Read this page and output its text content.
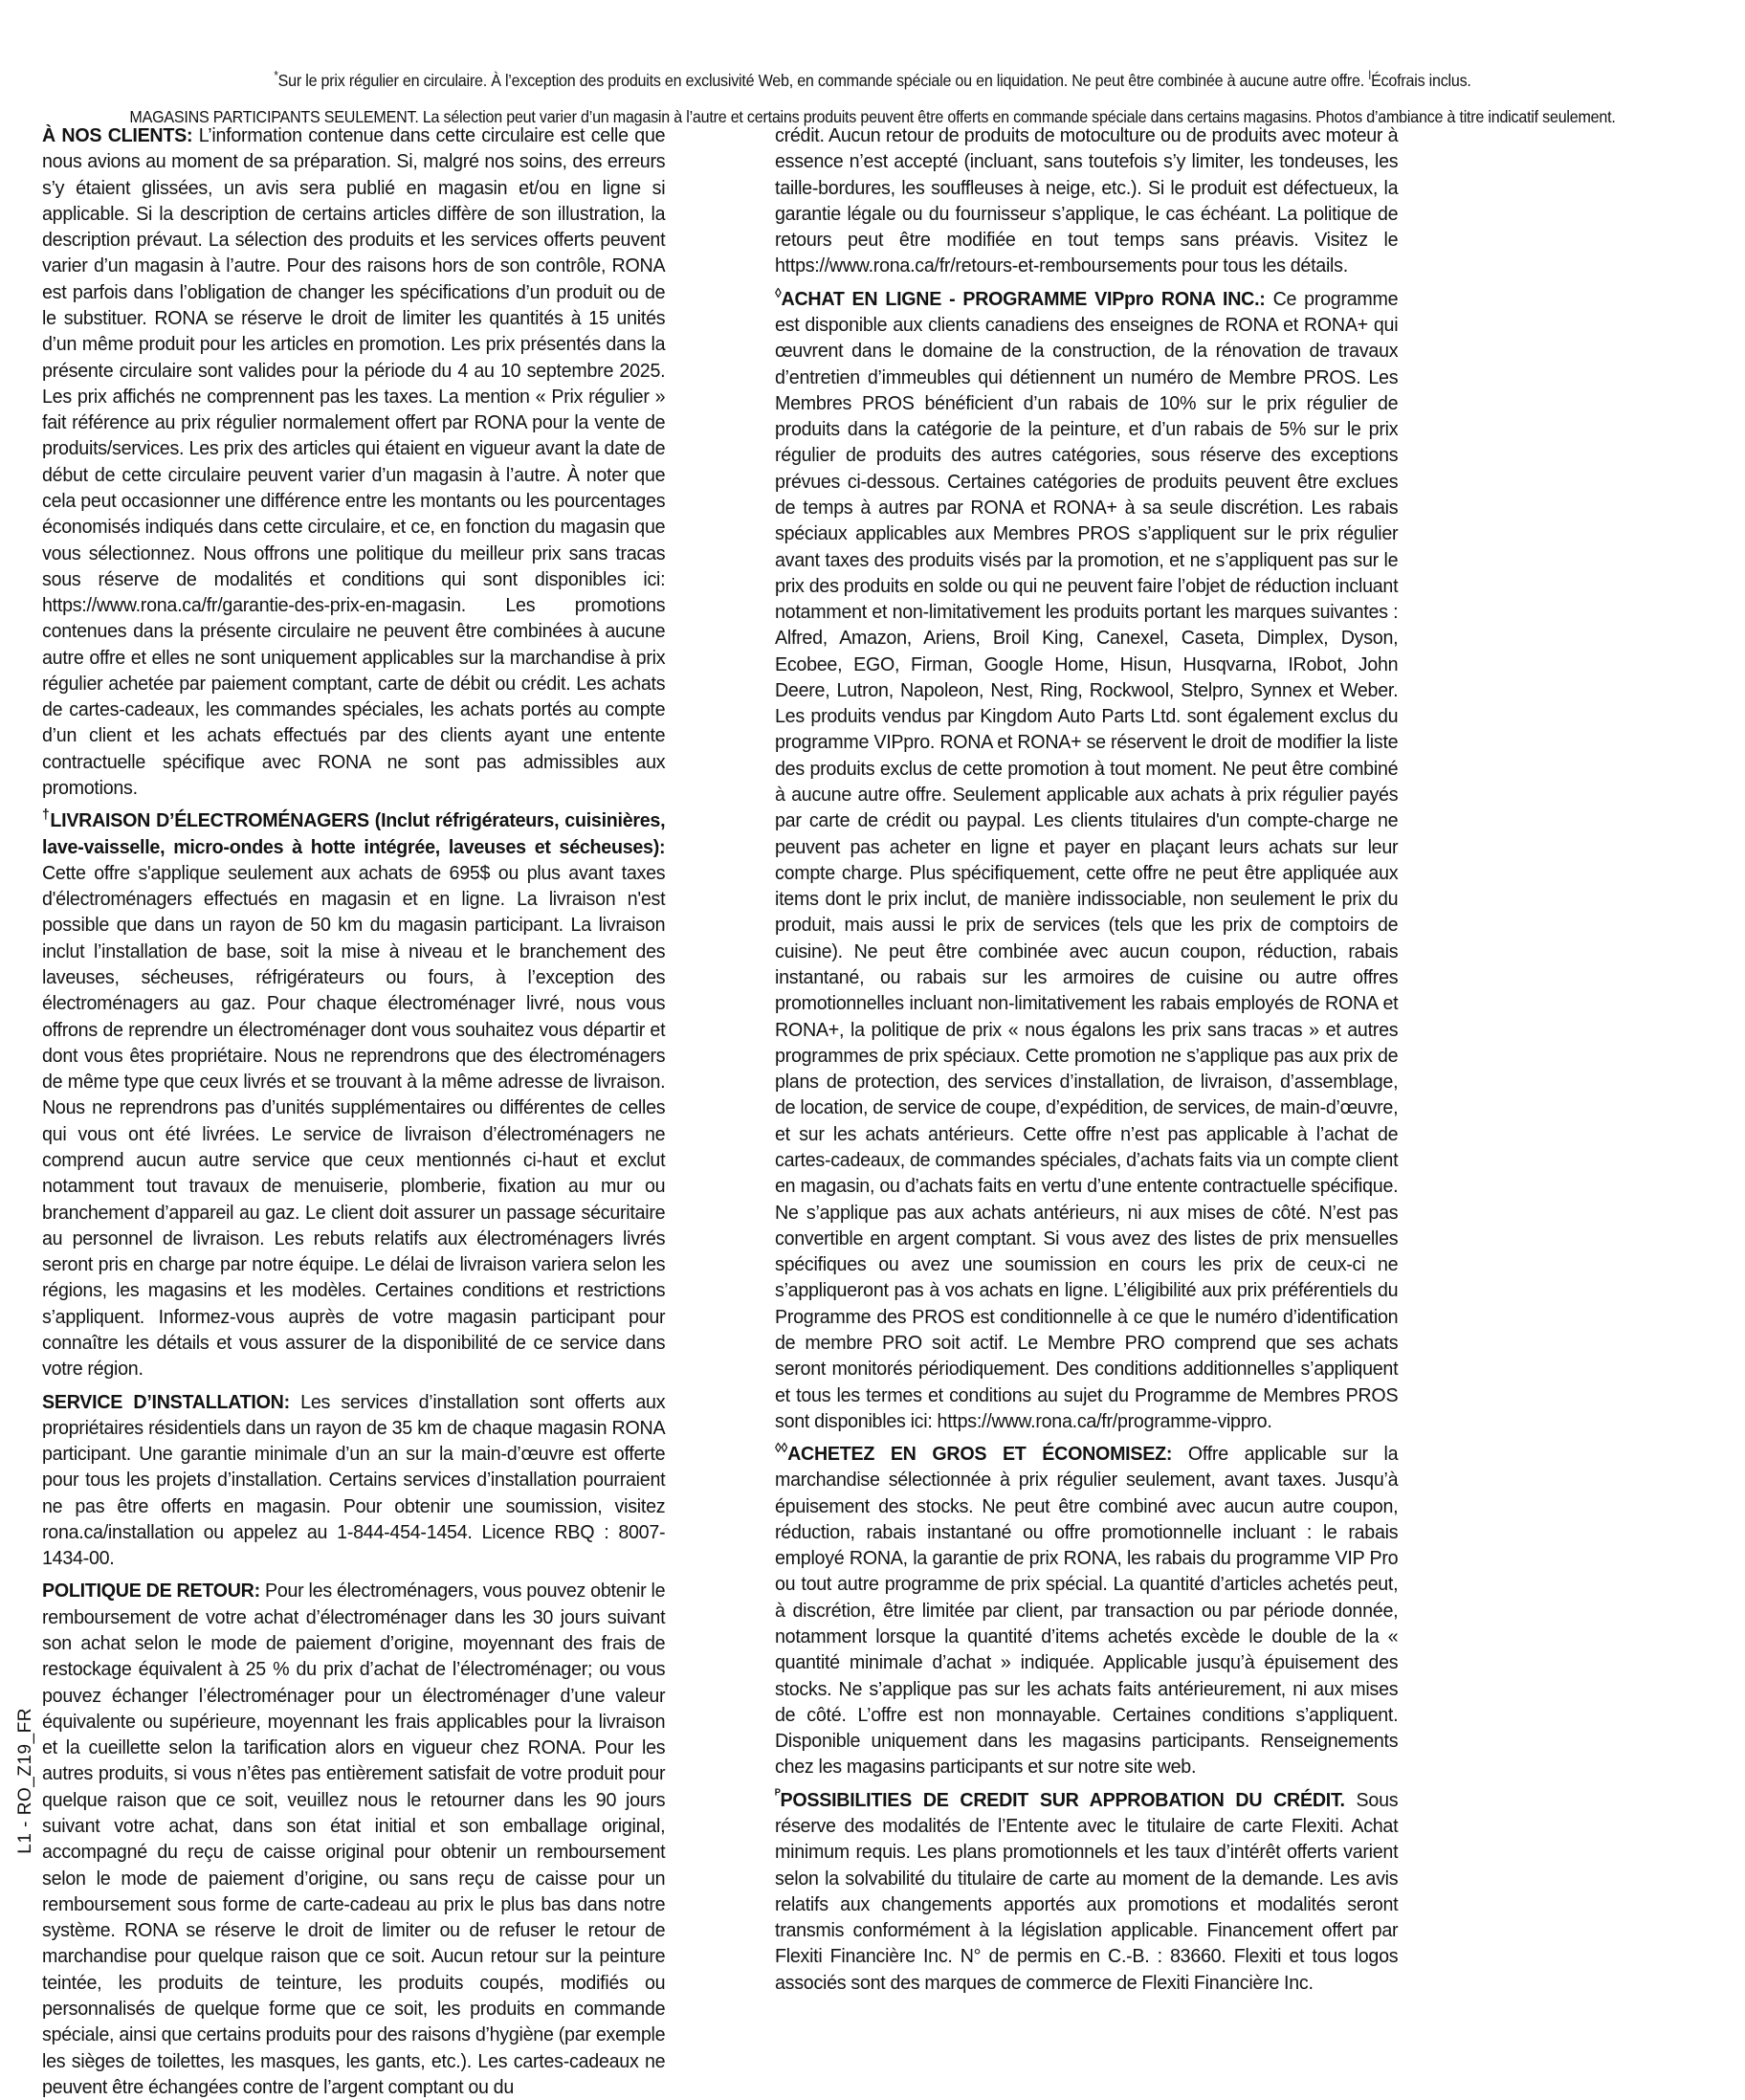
*Sur le prix régulier en circulaire. À l’exception des produits en exclusivité Web, en commande spéciale ou en liquidation. Ne peut être combinée à aucune autre offre. $^ǀ$Écofrais inclus.
MAGASINS PARTICIPANTS SEULEMENT. La sélection peut varier d’un magasin à l’autre et certains produits peuvent être offerts en commande spéciale dans certains magasins. Photos d’ambiance à titre indicatif seulement.

À NOS CLIENTS: L’information contenue dans cette circulaire est celle que nous avions au moment de sa préparation. Si, malgré nos soins, des erreurs s’y étaient glissées, un avis sera publié en magasin et/ou en ligne si applicable. Si la description de certains articles diffère de son illustration, la description prévaut. La sélection des produits et les services offerts peuvent varier d’un magasin à l’autre. Pour des raisons hors de son contrôle, RONA est parfois dans l’obligation de changer les spécifications d’un produit ou de le substituer. RONA se réserve le droit de limiter les quantités à 15 unités d’un même produit pour les articles en promotion. Les prix présentés dans la présente circulaire sont valides pour la période du 4 au 10 septembre 2025. Les prix affichés ne comprennent pas les taxes. La mention « Prix régulier » fait référence au prix régulier normalement offert par RONA pour la vente de produits/services. Les prix des articles qui étaient en vigueur avant la date de début de cette circulaire peuvent varier d’un magasin à l’autre. À noter que cela peut occasionner une différence entre les montants ou les pourcentages économisés indiqués dans cette circulaire, et ce, en fonction du magasin que vous sélectionnez. Nous offrons une politique du meilleur prix sans tracas sous réserve de modalités et conditions qui sont disponibles ici: https://www.rona.ca/fr/garantie-des-prix-en-magasin. Les promotions contenues dans la présente circulaire ne peuvent être combinées à aucune autre offre et elles ne sont uniquement applicables sur la marchandise à prix régulier achetée par paiement comptant, carte de débit ou crédit. Les achats de cartes-cadeaux, les commandes spéciales, les achats portés au compte d’un client et les achats effectués par des clients ayant une entente contractuelle spécifique avec RONA ne sont pas admissibles aux promotions.

†LIVRAISON D’ÉLECTROMÉNAGERS (Inclut réfrigérateurs, cuisinières, lave-vaisselle, micro-ondes à hotte intégrée, laveuses et sécheuses): Cette offre s'applique seulement aux achats de 695$ ou plus avant taxes d'électroménagers effectués en magasin et en ligne. La livraison n'est possible que dans un rayon de 50 km du magasin participant. La livraison inclut l’installation de base, soit la mise à niveau et le branchement des laveuses, sécheuses, réfrigérateurs ou fours, à l’exception des électroménagers au gaz. Pour chaque électroménager livré, nous vous offrons de reprendre un électroménager dont vous souhaitez vous départir et dont vous êtes propriétaire. Nous ne reprendrons que des électroménagers de même type que ceux livrés et se trouvant à la même adresse de livraison. Nous ne reprendrons pas d’unités supplémentaires ou différentes de celles qui vous ont été livrées. Le service de livraison d’électroménagers ne comprend aucun autre service que ceux mentionnés ci-haut et exclut notamment tout travaux de menuiserie, plomberie, fixation au mur ou branchement d’appareil au gaz. Le client doit assurer un passage sécuritaire au personnel de livraison. Les rebuts relatifs aux électroménagers livrés seront pris en charge par notre équipe. Le délai de livraison variera selon les régions, les magasins et les modèles. Certaines conditions et restrictions s’appliquent. Informez-vous auprès de votre magasin participant pour connaître les détails et vous assurer de la disponibilité de ce service dans votre région.

SERVICE D’INSTALLATION: Les services d’installation sont offerts aux propriétaires résidentiels dans un rayon de 35 km de chaque magasin RONA participant. Une garantie minimale d’un an sur la main-d’œuvre est offerte pour tous les projets d’installation. Certains services d’installation pourraient ne pas être offerts en magasin. Pour obtenir une soumission, visitez rona.ca/installation ou appelez au 1-844-454-1454. Licence RBQ : 8007-1434-00.

POLITIQUE DE RETOUR: Pour les électroménagers, vous pouvez obtenir le remboursement de votre achat d’électroménager dans les 30 jours suivant son achat selon le mode de paiement d’origine, moyennant des frais de restockage équivalent à 25 % du prix d’achat de l’électroménager; ou vous pouvez échanger l’électroménager pour un électroménager d’une valeur équivalente ou supérieure, moyennant les frais applicables pour la livraison et la cueillette selon la tarification alors en vigueur chez RONA. Pour les autres produits, si vous n’êtes pas entièrement satisfait de votre produit pour quelque raison que ce soit, veuillez nous le retourner dans les 90 jours suivant votre achat, dans son état initial et son emballage original, accompagné du reçu de caisse original pour obtenir un remboursement selon le mode de paiement d’origine, ou sans reçu de caisse pour un remboursement sous forme de carte-cadeau au prix le plus bas dans notre système. RONA se réserve le droit de limiter ou de refuser le retour de marchandise pour quelque raison que ce soit. Aucun retour sur la peinture teintée, les produits de teinture, les produits coupés, modifiés ou personnalisés de quelque forme que ce soit, les produits en commande spéciale, ainsi que certains produits pour des raisons d’hygiène (par exemple les sièges de toilettes, les masques, les gants, etc.). Les cartes-cadeaux ne peuvent être échangées contre de l’argent comptant ou du

crédit. Aucun retour de produits de motoculture ou de produits avec moteur à essence n’est accepté (incluant, sans toutefois s’y limiter, les tondeuses, les taille-bordures, les souffleuses à neige, etc.). Si le produit est défectueux, la garantie légale ou du fournisseur s’applique, le cas échéant. La politique de retours peut être modifiée en tout temps sans préavis. Visitez le https://www.rona.ca/fr/retours-et-remboursements pour tous les détails.

◊ACHAT EN LIGNE - PROGRAMME VIPpro RONA INC.: Ce programme est disponible aux clients canadiens des enseignes de RONA et RONA+ qui œuvrent dans le domaine de la construction, de la rénovation de travaux d’entretien d’immeubles qui détiennent un numéro de Membre PROS. Les Membres PROS bénéficient d’un rabais de 10% sur le prix régulier de produits dans la catégorie de la peinture, et d’un rabais de 5% sur le prix régulier de produits des autres catégories, sous réserve des exceptions prévues ci-dessous. Certaines catégories de produits peuvent être exclues de temps à autres par RONA et RONA+ à sa seule discrétion. Les rabais spéciaux applicables aux Membres PROS s’appliquent sur le prix régulier avant taxes des produits visés par la promotion, et ne s’appliquent pas sur le prix des produits en solde ou qui ne peuvent faire l’objet de réduction incluant notamment et non-limitativement les produits portant les marques suivantes : Alfred, Amazon, Ariens, Broil King, Canexel, Caseta, Dimplex, Dyson, Ecobee, EGO, Firman, Google Home, Hisun, Husqvarna, IRobot, John Deere, Lutron, Napoleon, Nest, Ring, Rockwool, Stelpro, Synnex et Weber. Les produits vendus par Kingdom Auto Parts Ltd. sont également exclus du programme VIPpro. RONA et RONA+ se réservent le droit de modifier la liste des produits exclus de cette promotion à tout moment. Ne peut être combiné à aucune autre offre. Seulement applicable aux achats à prix régulier payés par carte de crédit ou paypal. Les clients titulaires d'un compte-charge ne peuvent pas acheter en ligne et payer en plaçant leurs achats sur leur compte charge. Plus spécifiquement, cette offre ne peut être appliquée aux items dont le prix inclut, de manière indissociable, non seulement le prix du produit, mais aussi le prix de services (tels que les prix de comptoirs de cuisine). Ne peut être combinée avec aucun coupon, réduction, rabais instantané, ou rabais sur les armoires de cuisine ou autre offres promotionnelles incluant non-limitativement les rabais employés de RONA et RONA+, la politique de prix « nous égalons les prix sans tracas » et autres programmes de prix spéciaux. Cette promotion ne s’applique pas aux prix de plans de protection, des services d’installation, de livraison, d’assemblage, de location, de service de coupe, d’expédition, de services, de main-d’œuvre, et sur les achats antérieurs. Cette offre n’est pas applicable à l’achat de cartes-cadeaux, de commandes spéciales, d’achats faits via un compte client en magasin, ou d’achats faits en vertu d’une entente contractuelle spécifique. Ne s’applique pas aux achats antérieurs, ni aux mises de côté. N’est pas convertible en argent comptant. Si vous avez des listes de prix mensuelles spécifiques ou avez une soumission en cours les prix de ceux-ci ne s’appliqueront pas à vos achats en ligne. L’éligibilité aux prix préférentiels du Programme des PROS est conditionnelle à ce que le numéro d’identification de membre PRO soit actif. Le Membre PRO comprend que ses achats seront monitorés périodiquement. Des conditions additionnelles s’appliquent et tous les termes et conditions au sujet du Programme de Membres PROS sont disponibles ici: https://www.rona.ca/fr/programme-vippro.

◊◊ACHETEZ EN GROS ET ÉCONOMISEZ: Offre applicable sur la marchandise sélectionnée à prix régulier seulement, avant taxes. Jusqu’à épuisement des stocks. Ne peut être combiné avec aucun autre coupon, réduction, rabais instantané ou offre promotionnelle incluant : le rabais employé RONA, la garantie de prix RONA, les rabais du programme VIP Pro ou tout autre programme de prix spécial. La quantité d’articles achetés peut, à discrétion, être limitée par client, par transaction ou par période donnée, notamment lorsque la quantité d’items achetés excède le double de la « quantité minimale d’achat » indiquée. Applicable jusqu’à épuisement des stocks. Ne s’applique pas sur les achats faits antérieurement, ni aux mises de côté. L’offre est non monnayable. Certaines conditions s’appliquent. Disponible uniquement dans les magasins participants. Renseignements chez les magasins participants et sur notre site web.

$^ᴾ$POSSIBILITIES DE CREDIT SUR APPROBATION DU CRÉDIT. Sous réserve des modalités de l’Entente avec le titulaire de carte Flexiti. Achat minimum requis. Les plans promotionnels et les taux d’intérêt offerts varient selon la solvabilité du titulaire de carte au moment de la demande. Les avis relatifs aux changements apportés aux promotions et modalités seront transmis conformément à la législation applicable. Financement offert par Flexiti Financière Inc. N° de permis en C.-B. : 83660. Flexiti et tous logos associés sont des marques de commerce de Flexiti Financière Inc.

L1 - RO_Z19_FR
